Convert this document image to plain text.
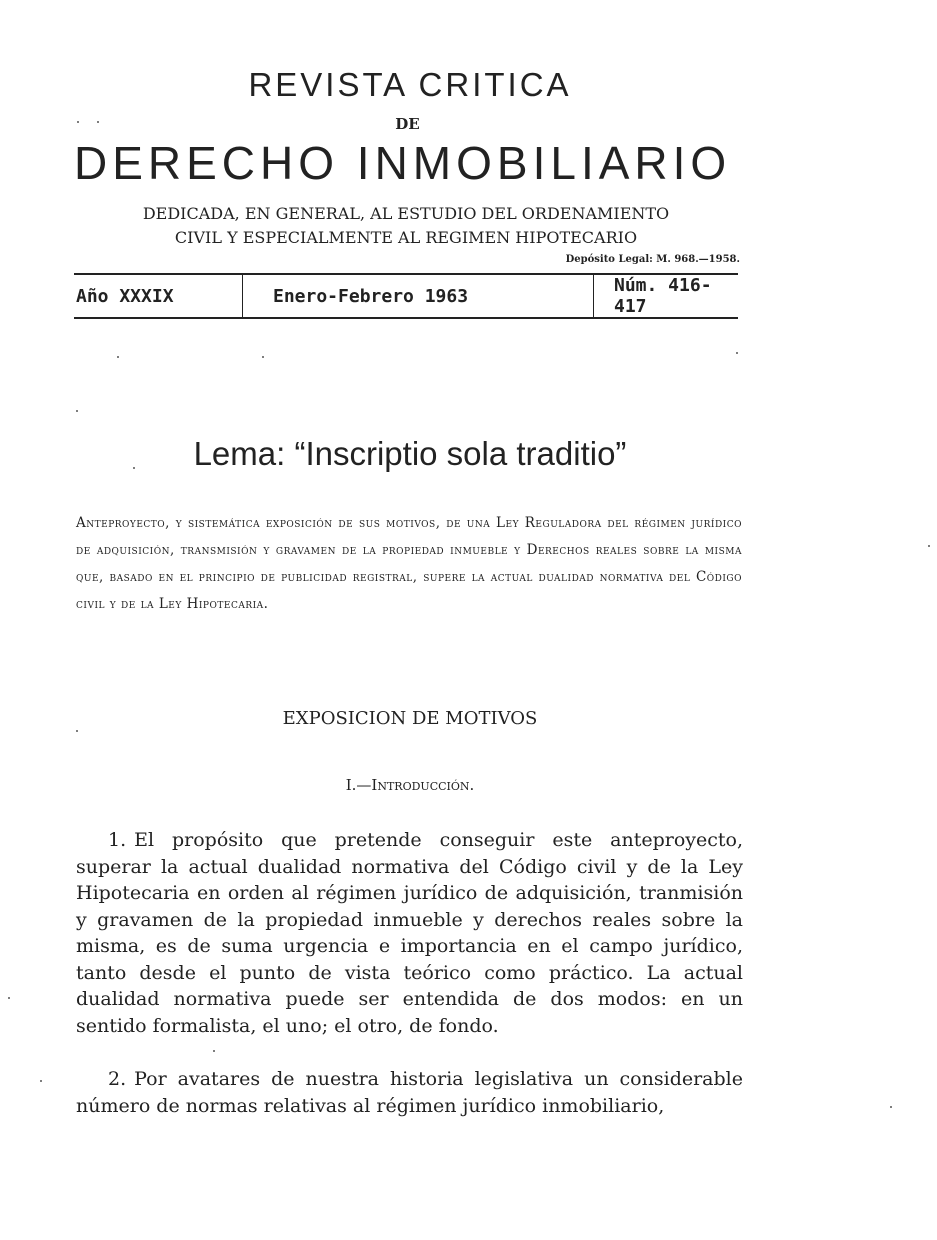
REVISTA CRITICA
DE
DERECHO INMOBILIARIO
DEDICADA, EN GENERAL, AL ESTUDIO DEL ORDENAMIENTO
CIVIL Y ESPECIALMENTE AL REGIMEN HIPOTECARIO
Depósito Legal: M. 968.—1958.
Año XXXIX	Enero-Febrero 1963	Núm. 416-417
Lema: “Inscriptio sola traditio”
Anteproyecto, y sistemática exposición de sus motivos, de una Ley Reguladora del régimen jurídico de adquisición, transmisión y gravamen de la propiedad inmueble y Derechos reales sobre la misma que, basado en el principio de publicidad registral, supere la actual dualidad normativa del Código civil y de la Ley Hipotecaria.
EXPOSICION DE MOTIVOS
I.—Introducción.
1. El propósito que pretende conseguir este anteproyecto, superar la actual dualidad normativa del Código civil y de la Ley Hipotecaria en orden al régimen jurídico de adquisición, tranmisión y gravamen de la propiedad inmueble y derechos reales sobre la misma, es de suma urgencia e importancia en el campo jurídico, tanto desde el punto de vista teórico como práctico. La actual dualidad normativa puede ser entendida de dos modos: en un sentido formalista, el uno; el otro, de fondo.
2. Por avatares de nuestra historia legislativa un considerable número de normas relativas al régimen jurídico inmobiliario,
